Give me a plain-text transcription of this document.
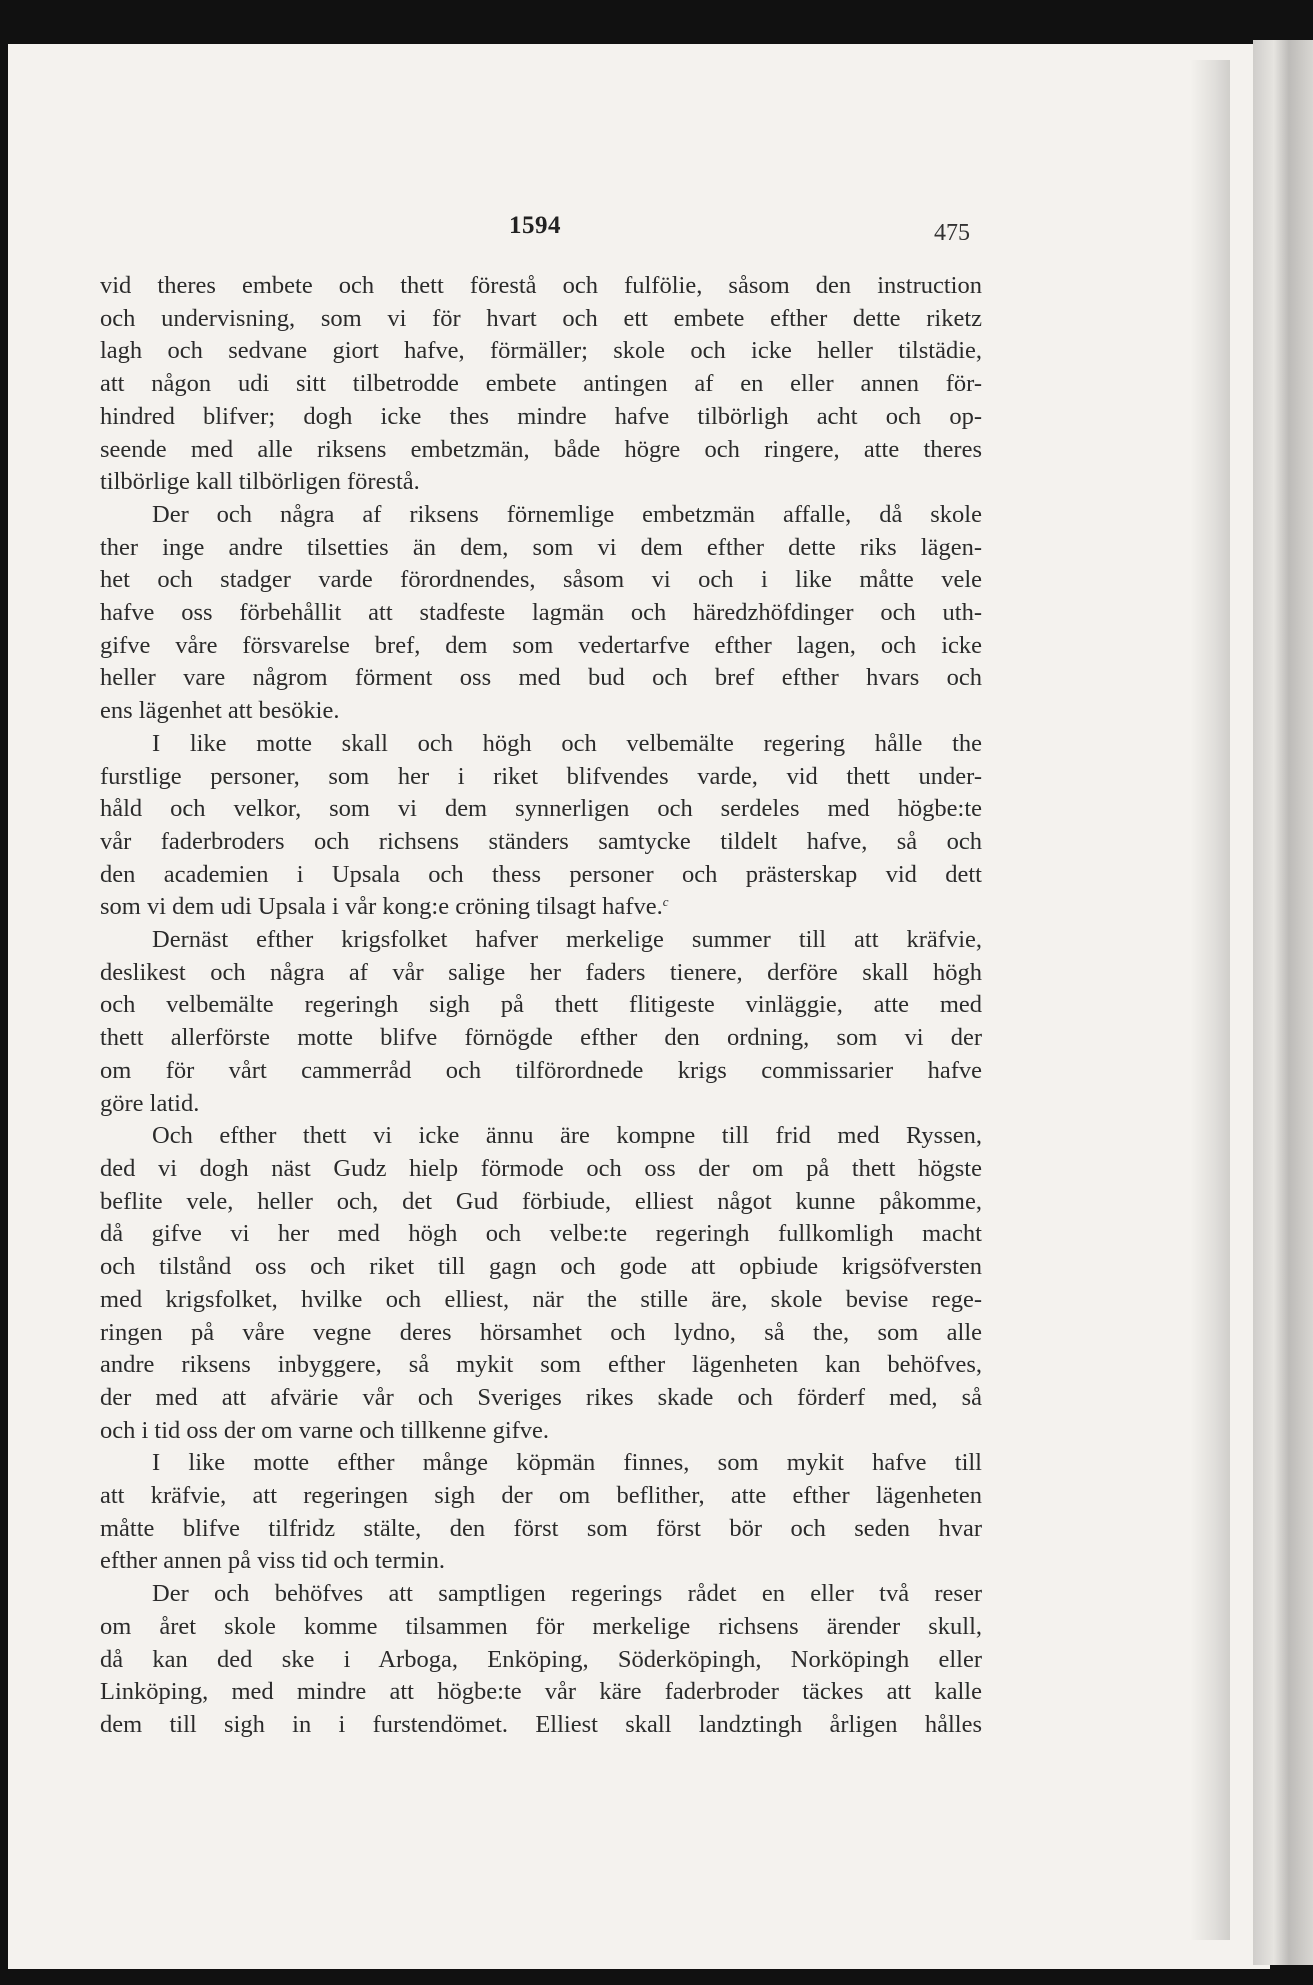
1594	475
vid theres embete och thett förestå och fulfölie, såsom den instruction
och undervisning, som vi för hvart och ett embete efther dette riketz
lagh och sedvane giort hafve, förmäller; skole och icke heller tilstädie,
att någon udi sitt tilbetrodde embete antingen af en eller annen för-
hindred blifver; dogh icke thes mindre hafve tilbörligh acht och op-
seende med alle riksens embetzmän, både högre och ringere, atte theres
tilbörlige kall tilbörligen förestå.
Der och några af riksens förnemlige embetzmän affalle, då skole
ther inge andre tilsetties än dem, som vi dem efther dette riks lägen-
het och stadger varde förordnendes, såsom vi och i like måtte vele
hafve oss förbehållit att stadfeste lagmän och häredzhöfdinger och uth-
gifve våre försvarelse bref, dem som vedertarfve efther lagen, och icke
heller vare någrom förment oss med bud och bref efther hvars och
ens lägenhet att besökie.
I like motte skall och högh och velbemälte regering hålle the
furstlige personer, som her i riket blifvendes varde, vid thett under-
håld och velkor, som vi dem synnerligen och serdeles med högbe:te
vår faderbroders och richsens ständers samtycke tildelt hafve, så och
den academien i Upsala och thess personer och prästerskap vid dett
som vi dem udi Upsala i vår kong:e cröning tilsagt hafve.$^c$
Dernäst efther krigsfolket hafver merkelige summer till att kräfvie,
deslikest och några af vår salige her faders tienere, derföre skall högh
och velbemälte regeringh sigh på thett flitigeste vinläggie, atte med
thett allerförste motte blifve förnögde efther den ordning, som vi der
om för vårt cammerråd och tilförordnede krigs commissarier hafve
göre latid.
Och efther thett vi icke ännu äre kompne till frid med Ryssen,
ded vi dogh näst Gudz hielp förmode och oss der om på thett högste
beflite vele, heller och, det Gud förbiude, elliest något kunne påkomme,
då gifve vi her med högh och velbe:te regeringh fullkomligh macht
och tilstånd oss och riket till gagn och gode att opbiude krigsöfversten
med krigsfolket, hvilke och elliest, när the stille äre, skole bevise rege-
ringen på våre vegne deres hörsamhet och lydno, så the, som alle
andre riksens inbyggere, så mykit som efther lägenheten kan behöfves,
der med att afvärie vår och Sveriges rikes skade och förderf med, så
och i tid oss der om varne och tillkenne gifve.
I like motte efther månge köpmän finnes, som mykit hafve till
att kräfvie, att regeringen sigh der om beflither, atte efther lägenheten
måtte blifve tilfridz stälte, den först som först bör och seden hvar
efther annen på viss tid och termin.
Der och behöfves att samptligen regerings rådet en eller två reser
om året skole komme tilsammen för merkelige richsens ärender skull,
då kan ded ske i Arboga, Enköping, Söderköpingh, Norköpingh eller
Linköping, med mindre att högbe:te vår käre faderbroder täckes att kalle
dem till sigh in i furstendömet. Elliest skall landztingh årligen hålles
